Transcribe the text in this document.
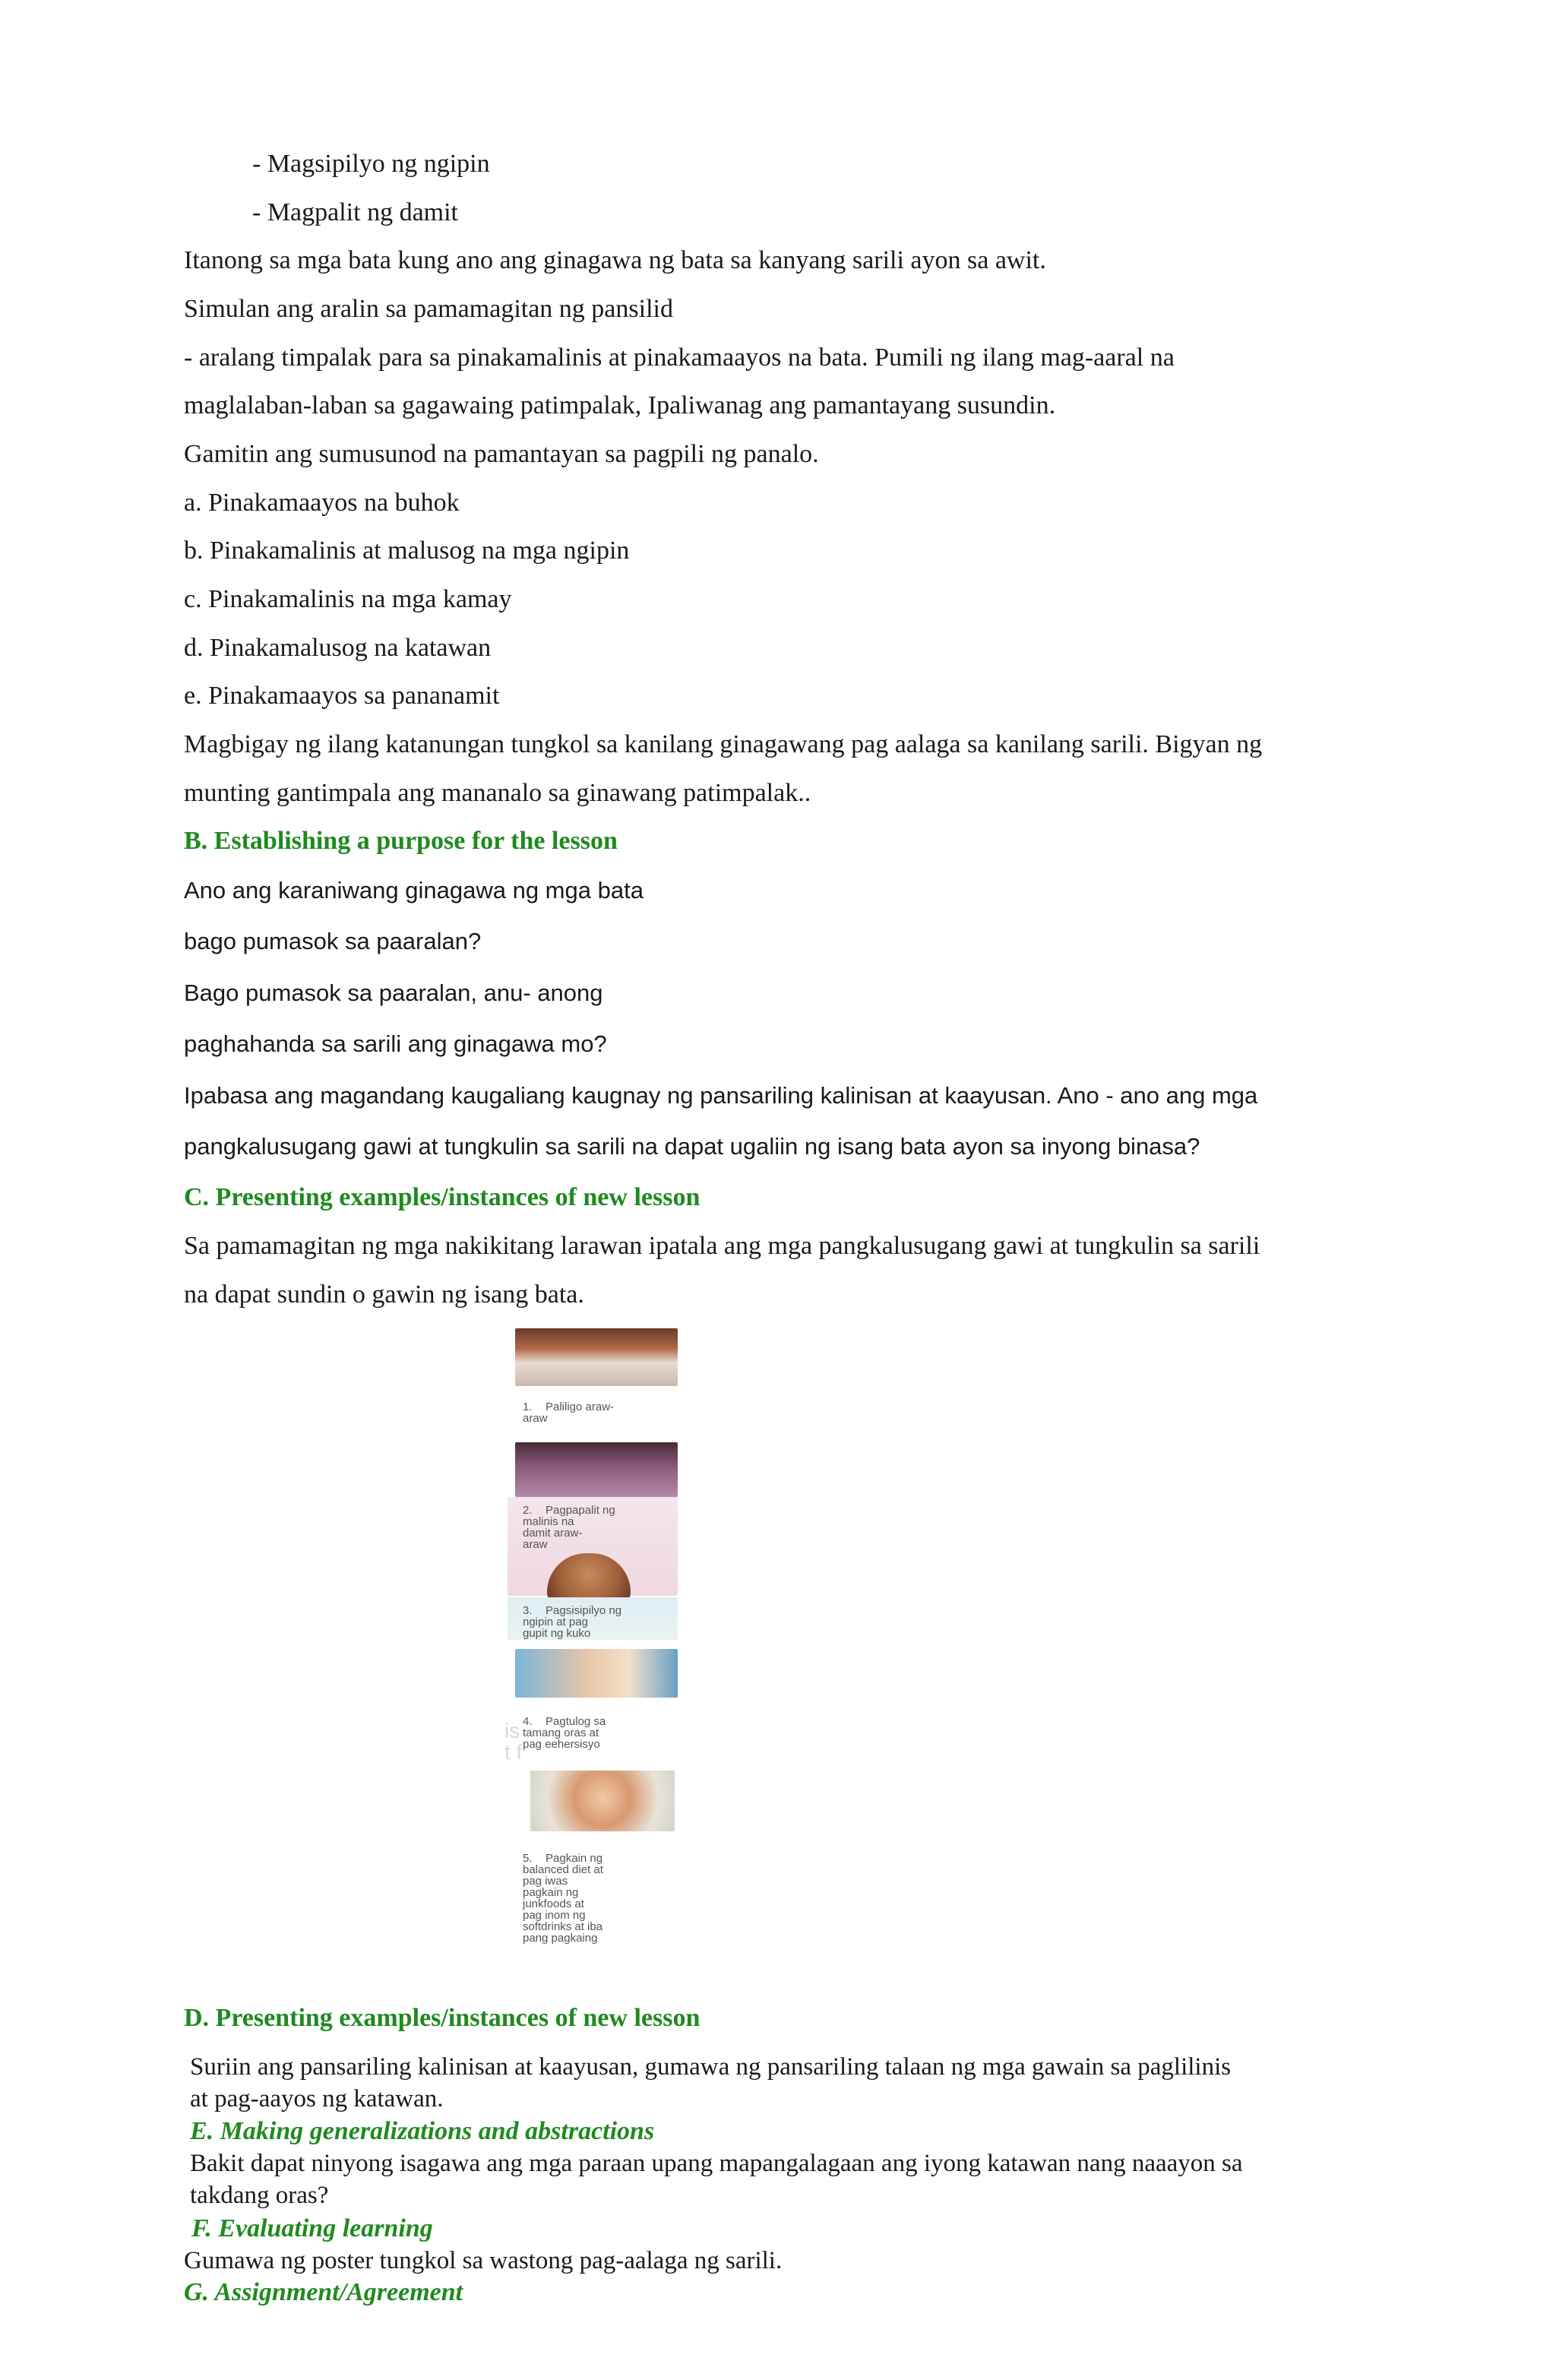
- Magsipilyo ng ngipin
- Magpalit ng damit
Itanong sa mga bata kung ano ang ginagawa ng bata sa kanyang sarili ayon sa awit.
Simulan ang aralin sa pamamagitan ng pansilid
- aralang timpalak para sa pinakamalinis at pinakamaayos na bata. Pumili ng ilang mag-aaral na
maglalaban-laban sa gagawaing patimpalak, Ipaliwanag ang pamantayang susundin.
Gamitin ang sumusunod na pamantayan sa pagpili ng panalo.
a. Pinakamaayos na buhok
b. Pinakamalinis at malusog na mga ngipin
c. Pinakamalinis na mga kamay
d. Pinakamalusog na katawan
e. Pinakamaayos sa pananamit
Magbigay ng ilang katanungan tungkol sa kanilang ginagawang pag aalaga sa kanilang sarili. Bigyan ng
munting gantimpala ang mananalo sa ginawang patimpalak..
B. Establishing a purpose for the lesson
Ano ang karaniwang ginagawa ng mga bata
bago pumasok sa paaralan?
Bago pumasok sa paaralan, anu- anong
paghahanda sa sarili ang ginagawa mo?
Ipabasa ang magandang kaugaliang kaugnay ng pansariling kalinisan at kaayusan. Ano - ano ang mga
pangkalusugang gawi at tungkulin sa sarili na dapat ugaliin ng isang bata ayon sa inyong binasa?
C. Presenting examples/instances of new lesson
Sa pamamagitan ng mga nakikitang larawan ipatala ang mga pangkalusugang gawi at tungkulin sa sarili
na dapat sundin o gawin ng isang bata.
1. Paliligo araw-
araw
2. Pagpapalit ng
malinis na
damit araw-
araw
3. Pagsisipilyo ng
ngipin at pag
gupit ng kuko
4. Pagtulog sa
tamang oras at
pag eehersisyo
is
t f
5. Pagkain ng
balanced diet at
pag iwas
pagkain ng
junkfoods at
pag inom ng
softdrinks at iba
pang pagkaing
D. Presenting examples/instances of new lesson
Suriin ang pansariling kalinisan at kaayusan, gumawa ng pansariling talaan ng mga gawain sa paglilinis
at pag-aayos ng katawan.
E. Making generalizations and abstractions
Bakit dapat ninyong isagawa ang mga paraan upang mapangalagaan ang iyong katawan nang naaayon sa
takdang oras?
F. Evaluating learning
Gumawa ng poster tungkol sa wastong pag-aalaga ng sarili.
G. Assignment/Agreement
